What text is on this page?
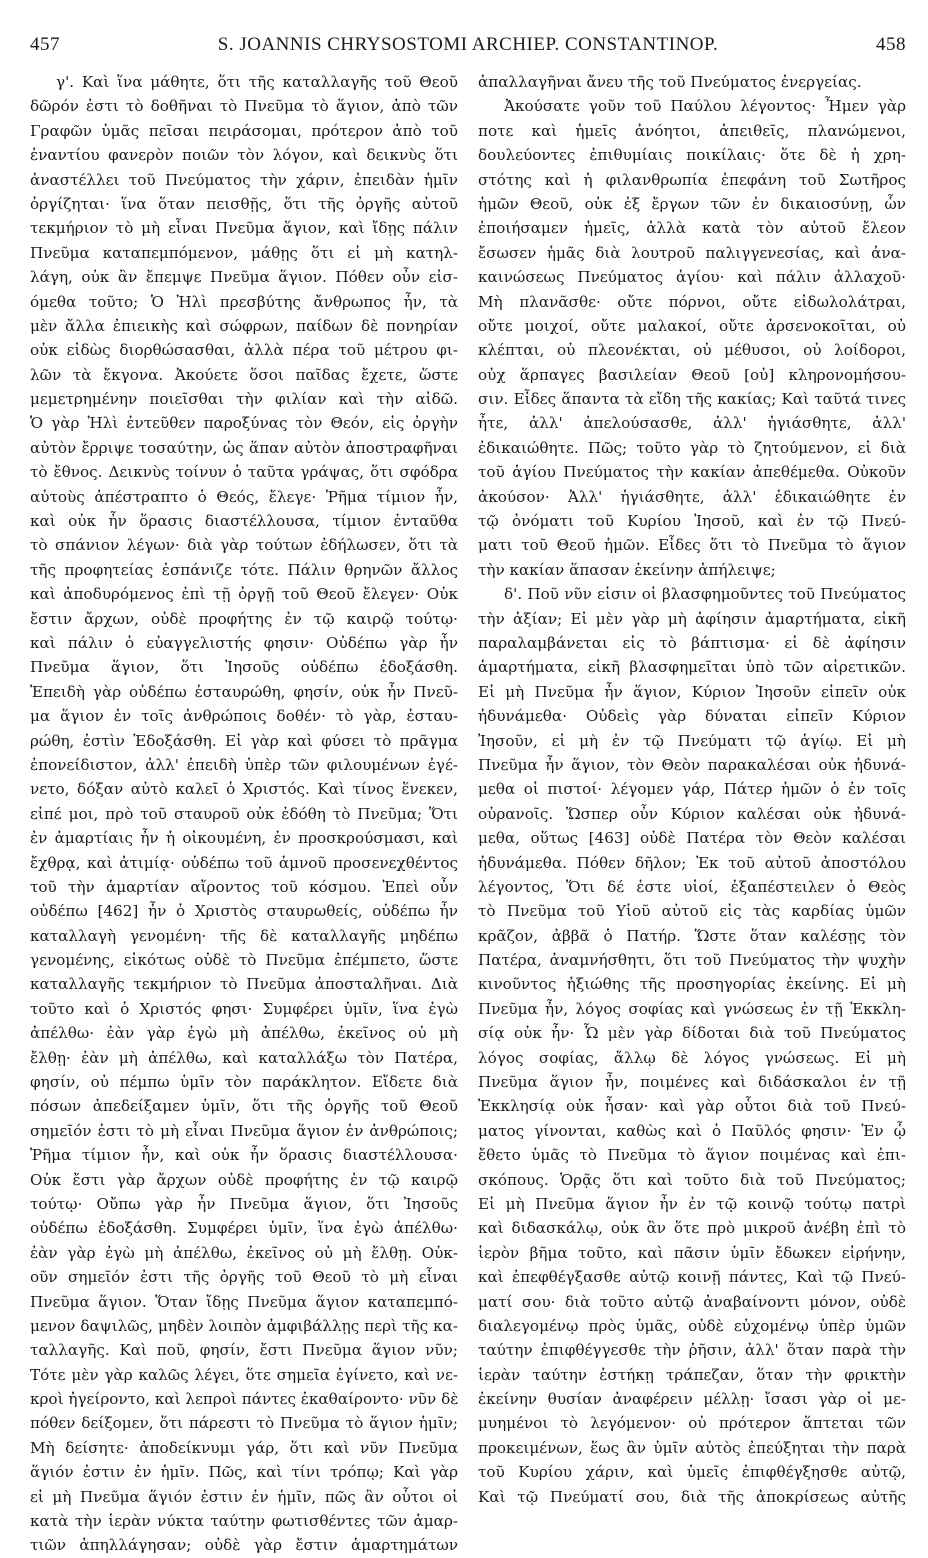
457	S. JOANNIS CHRYSOSTOMI ARCHIEP. CONSTANTINOP.	458
γ'. Καὶ ἵνα μάθητε, ὅτι τῆς καταλλαγῆς τοῦ Θεοῦ
δῶρόν ἐστι τὸ δοθῆναι τὸ Πνεῦμα τὸ ἅγιον, ἀπὸ τῶν
Γραφῶν ὑμᾶς πεῖσαι πειράσομαι, πρότερον ἀπὸ τοῦ
ἐναντίου φανερὸν ποιῶν τὸν λόγον, καὶ δεικνὺς ὅτι
ἀναστέλλει τοῦ Πνεύματος τὴν χάριν, ἐπειδὰν ἡμῖν
ὀργίζηται· ἵνα ὅταν πεισθῇς, ὅτι τῆς ὀργῆς αὐτοῦ
τεκμήριον τὸ μὴ εἶναι Πνεῦμα ἅγιον, καὶ ἴδῃς πάλιν
Πνεῦμα καταπεμπόμενον, μάθῃς ὅτι εἰ μὴ κατηλ-
λάγη, οὐκ ἂν ἔπεμψε Πνεῦμα ἅγιον. Πόθεν οὖν εἰσ-
όμεθα τοῦτο; Ὁ Ἠλὶ πρεσβύτης ἄνθρωπος ἦν, τὰ
μὲν ἄλλα ἐπιεικὴς καὶ σώφρων, παίδων δὲ πονηρίαν
οὐκ εἰδὼς διορθώσασθαι, ἀλλὰ πέρα τοῦ μέτρου φι-
λῶν τὰ ἔκγονα. Ἀκούετε ὅσοι παῖδας ἔχετε, ὥστε
μεμετρημένην ποιεῖσθαι τὴν φιλίαν καὶ τὴν αἰδῶ.
Ὁ γὰρ Ἠλὶ ἐντεῦθεν παροξύνας τὸν Θεόν, εἰς ὀργὴν
αὐτὸν ἔρριψε τοσαύτην, ὡς ἅπαν αὐτὸν ἀποστραφῆναι
τὸ ἔθνος. Δεικνὺς τοίνυν ὁ ταῦτα γράψας, ὅτι σφόδρα
αὐτοὺς ἀπέστραπτο ὁ Θεός, ἔλεγε· Ῥῆμα τίμιον ἦν,
καὶ οὐκ ἦν ὅρασις διαστέλλουσα, τίμιον ἐνταῦθα
τὸ σπάνιον λέγων· διὰ γὰρ τούτων ἐδήλωσεν, ὅτι τὰ
τῆς προφητείας ἐσπάνιζε τότε. Πάλιν θρηνῶν ἄλλος
καὶ ἀποδυρόμενος ἐπὶ τῇ ὀργῇ τοῦ Θεοῦ ἔλεγεν· Οὐκ
ἔστιν ἄρχων, οὐδὲ προφήτης ἐν τῷ καιρῷ τούτῳ·
καὶ πάλιν ὁ εὐαγγελιστής φησιν· Οὐδέπω γὰρ ἦν
Πνεῦμα ἅγιον, ὅτι Ἰησοῦς οὐδέπω ἐδοξάσθη.
Ἐπειδὴ γὰρ οὐδέπω ἐσταυρώθη, φησίν, οὐκ ἦν Πνεῦ-
μα ἅγιον ἐν τοῖς ἀνθρώποις δοθέν· τὸ γὰρ, ἐσταυ-
ρώθη, ἐστὶν Ἐδοξάσθη. Εἰ γὰρ καὶ φύσει τὸ πρᾶγμα
ἐπονείδιστον, ἀλλ' ἐπειδὴ ὑπὲρ τῶν φιλουμένων ἐγέ-
νετο, δόξαν αὐτὸ καλεῖ ὁ Χριστός. Καὶ τίνος ἕνεκεν,
εἰπέ μοι, πρὸ τοῦ σταυροῦ οὐκ ἐδόθη τὸ Πνεῦμα; Ὅτι
ἐν ἁμαρτίαις ἦν ἡ οἰκουμένη, ἐν προσκρούσμασι, καὶ
ἔχθρᾳ, καὶ ἀτιμίᾳ· οὐδέπω τοῦ ἀμνοῦ προσενεχθέντος
τοῦ τὴν ἁμαρτίαν αἴροντος τοῦ κόσμου. Ἐπεὶ οὖν
οὐδέπω [462] ἦν ὁ Χριστὸς σταυρωθείς, οὐδέπω ἦν
καταλλαγὴ γενομένη· τῆς δὲ καταλλαγῆς μηδέπω
γενομένης, εἰκότως οὐδὲ τὸ Πνεῦμα ἐπέμπετο, ὥστε
καταλλαγῆς τεκμήριον τὸ Πνεῦμα ἀποσταλῆναι. Διὰ
τοῦτο καὶ ὁ Χριστός φησι· Συμφέρει ὑμῖν, ἵνα ἐγὼ
ἀπέλθω· ἐὰν γὰρ ἐγὼ μὴ ἀπέλθω, ἐκεῖνος οὐ μὴ
ἔλθῃ· ἐὰν μὴ ἀπέλθω, καὶ καταλλάξω τὸν Πατέρα,
φησίν, οὐ πέμπω ὑμῖν τὸν παράκλητον. Εἴδετε διὰ
πόσων ἀπεδείξαμεν ὑμῖν, ὅτι τῆς ὀργῆς τοῦ Θεοῦ
σημεῖόν ἐστι τὸ μὴ εἶναι Πνεῦμα ἅγιον ἐν ἀνθρώποις;
Ῥῆμα τίμιον ἦν, καὶ οὐκ ἦν ὅρασις διαστέλλουσα·
Οὐκ ἔστι γὰρ ἄρχων οὐδὲ προφήτης ἐν τῷ καιρῷ
τούτῳ· Οὔπω γὰρ ἦν Πνεῦμα ἅγιον, ὅτι Ἰησοῦς
οὐδέπω ἐδοξάσθη. Συμφέρει ὑμῖν, ἵνα ἐγὼ ἀπέλθω·
ἐὰν γὰρ ἐγὼ μὴ ἀπέλθω, ἐκεῖνος οὐ μὴ ἔλθῃ. Οὐκ-
οῦν σημεῖόν ἐστι τῆς ὀργῆς τοῦ Θεοῦ τὸ μὴ εἶναι
Πνεῦμα ἅγιον. Ὅταν ἴδῃς Πνεῦμα ἅγιον καταπεμπό-
μενον δαψιλῶς, μηδὲν λοιπὸν ἀμφιβάλλῃς περὶ τῆς κα-
ταλλαγῆς. Καὶ ποῦ, φησίν, ἔστι Πνεῦμα ἅγιον νῦν;
Τότε μὲν γὰρ καλῶς λέγει, ὅτε σημεῖα ἐγίνετο, καὶ νε-
κροὶ ἠγείροντο, καὶ λεπροὶ πάντες ἐκαθαίροντο· νῦν δὲ
πόθεν δείξομεν, ὅτι πάρεστι τὸ Πνεῦμα τὸ ἅγιον ἡμῖν;
Μὴ δείσητε· ἀποδείκνυμι γάρ, ὅτι καὶ νῦν Πνεῦμα
ἅγιόν ἐστιν ἐν ἡμῖν. Πῶς, καὶ τίνι τρόπῳ; Καὶ γὰρ
εἰ μὴ Πνεῦμα ἅγιόν ἐστιν ἐν ἡμῖν, πῶς ἂν οὗτοι οἱ
κατὰ τὴν ἱερὰν νύκτα ταύτην φωτισθέντες τῶν ἁμαρ-
τιῶν ἀπηλλάγησαν; οὐδὲ γὰρ ἔστιν ἁμαρτημάτων
ἀπαλλαγῆναι ἄνευ τῆς τοῦ Πνεύματος ἐνεργείας.
Ἀκούσατε γοῦν τοῦ Παύλου λέγοντος· Ἦμεν γὰρ
ποτε καὶ ἡμεῖς ἀνόητοι, ἀπειθεῖς, πλανώμενοι,
δουλεύοντες ἐπιθυμίαις ποικίλαις· ὅτε δὲ ἡ χρη-
στότης καὶ ἡ φιλανθρωπία ἐπεφάνη τοῦ Σωτῆρος
ἡμῶν Θεοῦ, οὐκ ἐξ ἔργων τῶν ἐν δικαιοσύνῃ, ὧν
ἐποιήσαμεν ἡμεῖς, ἀλλὰ κατὰ τὸν αὐτοῦ ἔλεον
ἔσωσεν ἡμᾶς διὰ λουτροῦ παλιγγενεσίας, καὶ ἀνα-
καινώσεως Πνεύματος ἁγίου· καὶ πάλιν ἀλλαχοῦ·
Μὴ πλανᾶσθε· οὔτε πόρνοι, οὔτε εἰδωλολάτραι,
οὔτε μοιχοί, οὔτε μαλακοί, οὔτε ἀρσενοκοῖται, οὐ
κλέπται, οὐ πλεονέκται, οὐ μέθυσοι, οὐ λοίδοροι,
οὐχ ἅρπαγες βασιλείαν Θεοῦ [οὐ] κληρονομήσου-
σιν. Εἶδες ἅπαντα τὰ εἴδη τῆς κακίας; Καὶ ταῦτά τινες
ἦτε, ἀλλ' ἀπελούσασθε, ἀλλ' ἡγιάσθητε, ἀλλ'
ἐδικαιώθητε. Πῶς; τοῦτο γὰρ τὸ ζητούμενον, εἰ διὰ
τοῦ ἁγίου Πνεύματος τὴν κακίαν ἀπεθέμεθα. Οὐκοῦν
ἀκούσον· Ἀλλ' ἡγιάσθητε, ἀλλ' ἐδικαιώθητε ἐν
τῷ ὀνόματι τοῦ Κυρίου Ἰησοῦ, καὶ ἐν τῷ Πνεύ-
ματι τοῦ Θεοῦ ἡμῶν. Εἶδες ὅτι τὸ Πνεῦμα τὸ ἅγιον
τὴν κακίαν ἅπασαν ἐκείνην ἀπήλειψε;
δ'. Ποῦ νῦν εἰσιν οἱ βλασφημοῦντες τοῦ Πνεύματος
τὴν ἀξίαν; Εἰ μὲν γὰρ μὴ ἀφίησιν ἁμαρτήματα, εἰκῆ
παραλαμβάνεται εἰς τὸ βάπτισμα· εἰ δὲ ἀφίησιν
ἁμαρτήματα, εἰκῆ βλασφημεῖται ὑπὸ τῶν αἱρετικῶν.
Εἰ μὴ Πνεῦμα ἦν ἅγιον, Κύριον Ἰησοῦν εἰπεῖν οὐκ
ἠδυνάμεθα· Οὐδεὶς γὰρ δύναται εἰπεῖν Κύριον
Ἰησοῦν, εἰ μὴ ἐν τῷ Πνεύματι τῷ ἁγίῳ. Εἰ μὴ
Πνεῦμα ἦν ἅγιον, τὸν Θεὸν παρακαλέσαι οὐκ ἠδυνά-
μεθα οἱ πιστοί· λέγομεν γάρ, Πάτερ ἡμῶν ὁ ἐν τοῖς
οὐρανοῖς. Ὥσπερ οὖν Κύριον καλέσαι οὐκ ἠδυνά-
μεθα, οὕτως [463] οὐδὲ Πατέρα τὸν Θεὸν καλέσαι
ἠδυνάμεθα. Πόθεν δῆλον; Ἐκ τοῦ αὐτοῦ ἀποστόλου
λέγοντος, Ὅτι δέ ἐστε υἱοί, ἐξαπέστειλεν ὁ Θεὸς
τὸ Πνεῦμα τοῦ Υἱοῦ αὐτοῦ εἰς τὰς καρδίας ὑμῶν
κρᾶζον, ἀββᾶ ὁ Πατήρ. Ὥστε ὅταν καλέσῃς τὸν
Πατέρα, ἀναμνήσθητι, ὅτι τοῦ Πνεύματος τὴν ψυχὴν
κινοῦντος ἠξιώθης τῆς προσηγορίας ἐκείνης. Εἰ μὴ
Πνεῦμα ἦν, λόγος σοφίας καὶ γνώσεως ἐν τῇ Ἐκκλη-
σίᾳ οὐκ ἦν· Ὧ μὲν γὰρ δίδοται διὰ τοῦ Πνεύματος
λόγος σοφίας, ἄλλῳ δὲ λόγος γνώσεως. Εἰ μὴ
Πνεῦμα ἅγιον ἦν, ποιμένες καὶ διδάσκαλοι ἐν τῇ
Ἐκκλησίᾳ οὐκ ἦσαν· καὶ γὰρ οὗτοι διὰ τοῦ Πνεύ-
ματος γίνονται, καθὼς καὶ ὁ Παῦλός φησιν· Ἐν ᾧ
ἔθετο ὑμᾶς τὸ Πνεῦμα τὸ ἅγιον ποιμένας καὶ ἐπι-
σκόπους. Ὁρᾷς ὅτι καὶ τοῦτο διὰ τοῦ Πνεύματος;
Εἰ μὴ Πνεῦμα ἅγιον ἦν ἐν τῷ κοινῷ τούτῳ πατρὶ
καὶ διδασκάλῳ, οὐκ ἂν ὅτε πρὸ μικροῦ ἀνέβη ἐπὶ τὸ
ἱερὸν βῆμα τοῦτο, καὶ πᾶσιν ὑμῖν ἔδωκεν εἰρήνην,
καὶ ἐπεφθέγξασθε αὐτῷ κοινῇ πάντες, Καὶ τῷ Πνεύ-
ματί σου· διὰ τοῦτο αὐτῷ ἀναβαίνοντι μόνον, οὐδὲ
διαλεγομένῳ πρὸς ὑμᾶς, οὐδὲ εὐχομένῳ ὑπὲρ ὑμῶν
ταύτην ἐπιφθέγγεσθε τὴν ῥῆσιν, ἀλλ' ὅταν παρὰ τὴν
ἱερὰν ταύτην ἑστήκῃ τράπεζαν, ὅταν τὴν φρικτὴν
ἐκείνην θυσίαν ἀναφέρειν μέλλῃ· ἴσασι γὰρ οἱ με-
μυημένοι τὸ λεγόμενον· οὐ πρότερον ἅπτεται τῶν
προκειμένων, ἕως ἂν ὑμῖν αὐτὸς ἐπεύξηται τὴν παρὰ
τοῦ Κυρίου χάριν, καὶ ὑμεῖς ἐπιφθέγξησθε αὐτῷ,
Καὶ τῷ Πνεύματί σου, διὰ τῆς ἀποκρίσεως αὐτῆς
